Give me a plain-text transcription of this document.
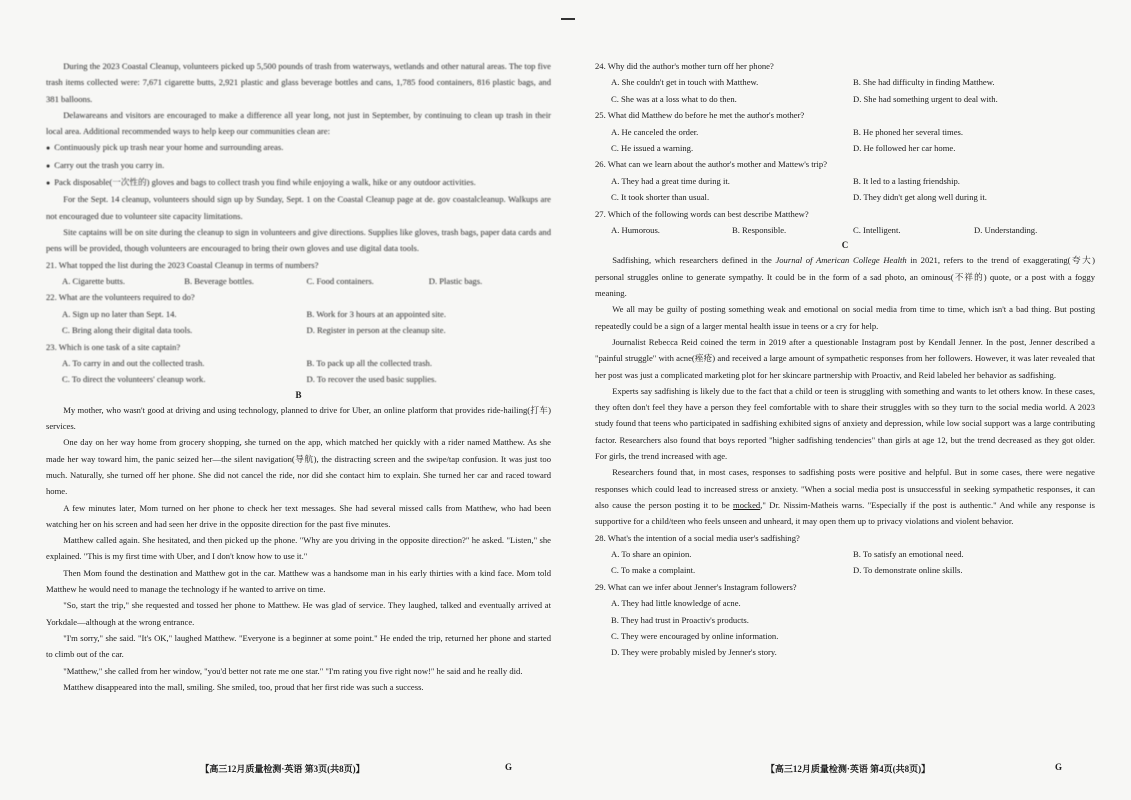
During the 2023 Coastal Cleanup, volunteers picked up 5,500 pounds of trash from waterways, wetlands and other natural areas. The top five trash items collected were: 7,671 cigarette butts, 2,921 plastic and glass beverage bottles and cans, 1,785 food containers, 816 plastic bags, and 381 balloons.

Delawareans and visitors are encouraged to make a difference all year long, not just in September, by continuing to clean up trash in their local area. Additional recommended ways to help keep our communities clean are:

● Continuously pick up trash near your home and surrounding areas.

● Carry out the trash you carry in.

● Pack disposable(一次性的) gloves and bags to collect trash you find while enjoying a walk, hike or any outdoor activities.

For the Sept. 14 cleanup, volunteers should sign up by Sunday, Sept. 1 on the Coastal Cleanup page at de. gov coastalcleanup. Walkups are not encouraged due to volunteer site capacity limitations.

Site captains will be on site during the cleanup to sign in volunteers and give directions. Supplies like gloves, trash bags, paper data cards and pens will be provided, though volunteers are encouraged to bring their own gloves and use digital data tools.

21. What topped the list during the 2023 Coastal Cleanup in terms of numbers?
A. Cigarette butts.	B. Beverage bottles.	C. Food containers.	D. Plastic bags.
22. What are the volunteers required to do?
A. Sign up no later than Sept. 14.	B. Work for 3 hours at an appointed site.
C. Bring along their digital data tools.	D. Register in person at the cleanup site.
23. Which is one task of a site captain?
A. To carry in and out the collected trash.	B. To pack up all the collected trash.
C. To direct the volunteers' cleanup work.	D. To recover the used basic supplies.
B

My mother, who wasn't good at driving and using technology, planned to drive for Uber, an online platform that provides ride-hailing(打车) services.

One day on her way home from grocery shopping, she turned on the app, which matched her quickly with a rider named Matthew. As she made her way toward him, the panic seized her—the silent navigation(导航), the distracting screen and the swipe/tap confusion. It was just too much. Naturally, she turned off her phone. She did not cancel the ride, nor did she contact him to explain. She turned her car and raced toward home.

A few minutes later, Mom turned on her phone to check her text messages. She had several missed calls from Matthew, who had been watching her on his screen and had seen her drive in the opposite direction for the past five minutes.

Matthew called again. She hesitated, and then picked up the phone. "Why are you driving in the opposite direction?" he asked. "Listen," she explained. "This is my first time with Uber, and I don't know how to use it."

Then Mom found the destination and Matthew got in the car. Matthew was a handsome man in his early thirties with a kind face. Mom told Matthew he would need to manage the technology if he wanted to arrive on time.

"So, start the trip," she requested and tossed her phone to Matthew. He was glad of service. They laughed, talked and eventually arrived at Yorkdale—although at the wrong entrance.

"I'm sorry," she said. "It's OK," laughed Matthew. "Everyone is a beginner at some point." He ended the trip, returned her phone and started to climb out of the car.

"Matthew," she called from her window, "you'd better not rate me one star." "I'm rating you five right now!" he said and he really did.

Matthew disappeared into the mall, smiling. She smiled, too, proud that her first ride was such a success.

【高三12月质量检测·英语 第3页(共8页)】	G
24. Why did the author's mother turn off her phone?
A. She couldn't get in touch with Matthew.	B. She had difficulty in finding Matthew.
C. She was at a loss what to do then.	D. She had something urgent to deal with.
25. What did Matthew do before he met the author's mother?
A. He canceled the order.	B. He phoned her several times.
C. He issued a warning.	D. He followed her car home.
26. What can we learn about the author's mother and Mattew's trip?
A. They had a great time during it.	B. It led to a lasting friendship.
C. It took shorter than usual.	D. They didn't get along well during it.
27. Which of the following words can best describe Matthew?
A. Humorous.	B. Responsible.	C. Intelligent.	D. Understanding.
C

Sadfishing, which researchers defined in the Journal of American College Health in 2021, refers to the trend of exaggerating(夸大) personal struggles online to generate sympathy. It could be in the form of a sad photo, an ominous(不祥的) quote, or a post with a foggy meaning.

We all may be guilty of posting something weak and emotional on social media from time to time, which isn't a bad thing. But posting repeatedly could be a sign of a larger mental health issue in teens or a cry for help.

Journalist Rebecca Reid coined the term in 2019 after a questionable Instagram post by Kendall Jenner. In the post, Jenner described a "painful struggle" with acne(痤疮) and received a large amount of sympathetic responses from her followers. However, it was later revealed that her post was just a complicated marketing plot for her skincare partnership with Proactiv, and Reid labeled her behavior as sadfishing.

Experts say sadfishing is likely due to the fact that a child or teen is struggling with something and wants to let others know. In these cases, they often don't feel they have a person they feel comfortable with to share their struggles with so they turn to the social media world. A 2023 study found that teens who participated in sadfishing exhibited signs of anxiety and depression, while low social support was a large contributing factor. Researchers also found that boys reported "higher sadfishing tendencies" than girls at age 12, but the trend decreased as they got older. For girls, the trend increased with age.

Researchers found that, in most cases, responses to sadfishing posts were positive and helpful. But in some cases, there were negative responses which could lead to increased stress or anxiety. "When a social media post is unsuccessful in seeking sympathetic responses, it can also cause the person posting it to be mocked," Dr. Nissim-Matheis warns. "Especially if the post is authentic." And while any response is supportive for a child/teen who feels unseen and unheard, it may open them up to privacy violations and violent behavior.

28. What's the intention of a social media user's sadfishing?
A. To share an opinion.	B. To satisfy an emotional need.
C. To make a complaint.	D. To demonstrate online skills.
29. What can we infer about Jenner's Instagram followers?
A. They had little knowledge of acne.
B. They had trust in Proactiv's products.
C. They were encouraged by online information.
D. They were probably misled by Jenner's story.
【高三12月质量检测·英语 第4页(共8页)】	G
